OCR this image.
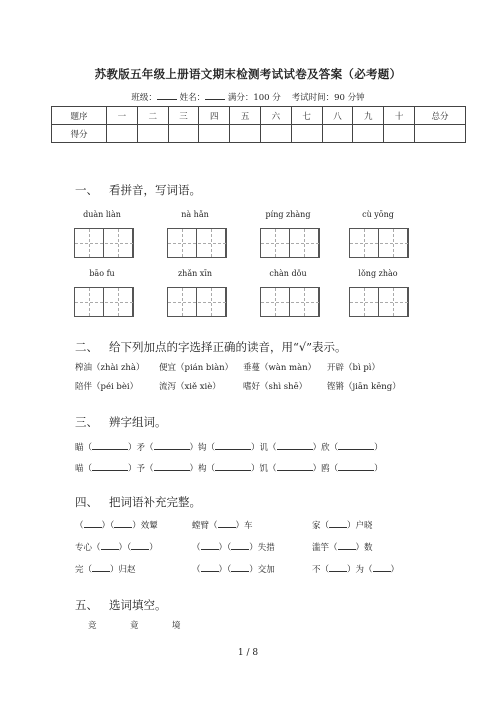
苏教版五年级上册语文期末检测考试试卷及答案（必考题）
班级：	姓名：	满分：100 分 考试时间：90 分钟
题序	一	二	三	四	五	六	七	八	九	十	总分
得分											
一、 看拼音，写词语。
duàn liàn	nà hǎn	píng zhàng	cù yōng
bāo fu	zhǎn xīn	chàn dǒu	lǒng zhào
二、 给下列加点的字选择正确的读音，用“√”表示。
榨油（zhài zhà） 便宜（pián biàn） 垂蔓（wàn màn） 开辟（bì pì）
陪伴（péi bèi） 流泻（xiě xiè）	嗜好（shì shē） 铿锵（jiān kēng）
三、 辨字组词。
瞄（	）矛（	）钩（	）讥（	）欣（	）
喵（	）予（	）构（	）饥（	）鸥（	）
四、 把词语补充完整。
（ ）（ ）效颦	螳臂（ ）车	家（ ）户晓
专心（ ）（ ）	（ ）（ ）失措	滥竽（ ）数
完（ ）归赵	（ ）（ ）交加	不（ ）为（ ）
五、 选词填空。
竞	竟	境
1 / 8
